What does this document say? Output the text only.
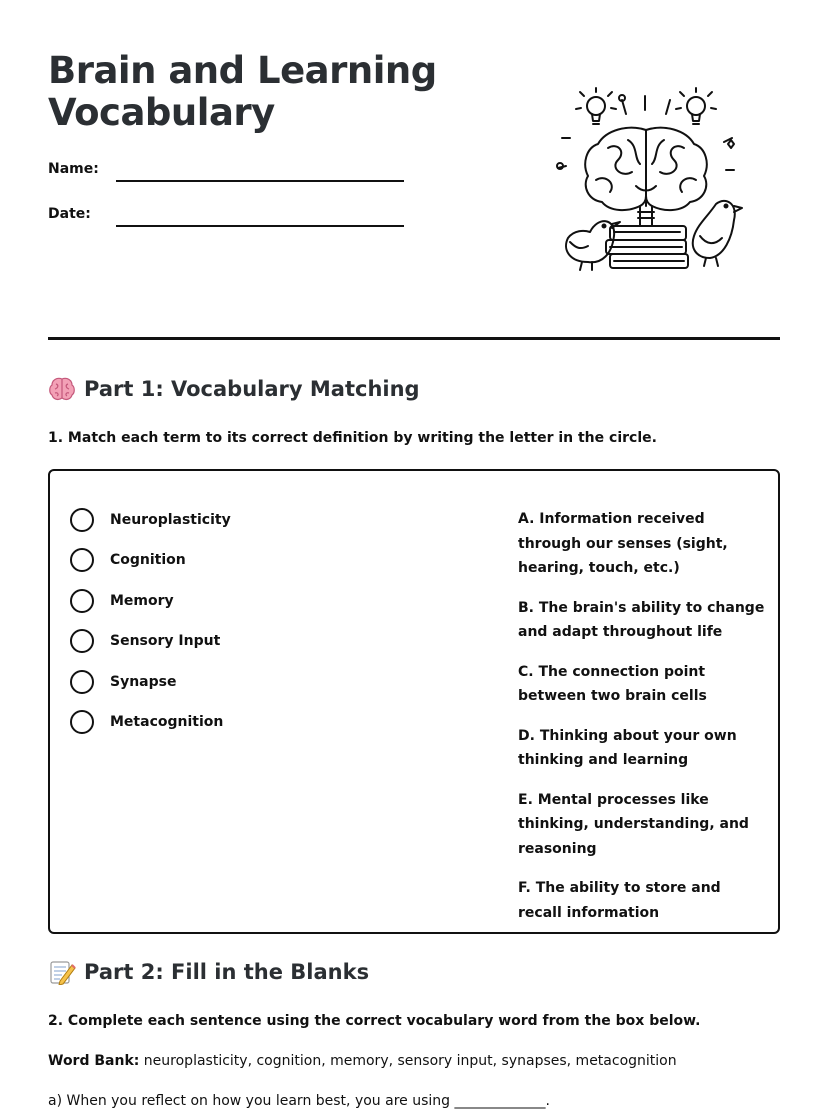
Brain and Learning
Vocabulary
Name:
Date:
Part 1: Vocabulary Matching
1. Match each term to its correct definition by writing the letter in the circle.
Neuroplasticity
Cognition
Memory
Sensory Input
Synapse
Metacognition

A. Information received through our senses (sight, hearing, touch, etc.)

B. The brain's ability to change and adapt throughout life

C. The connection point between two brain cells

D. Thinking about your own thinking and learning

E. Mental processes like thinking, understanding, and reasoning

F. The ability to store and recall information

Part 2: Fill in the Blanks
2. Complete each sentence using the correct vocabulary word from the box below.
Word Bank: neuroplasticity, cognition, memory, sensory input, synapses, metacognition
a) When you reflect on how you learn best, you are using _____________.
